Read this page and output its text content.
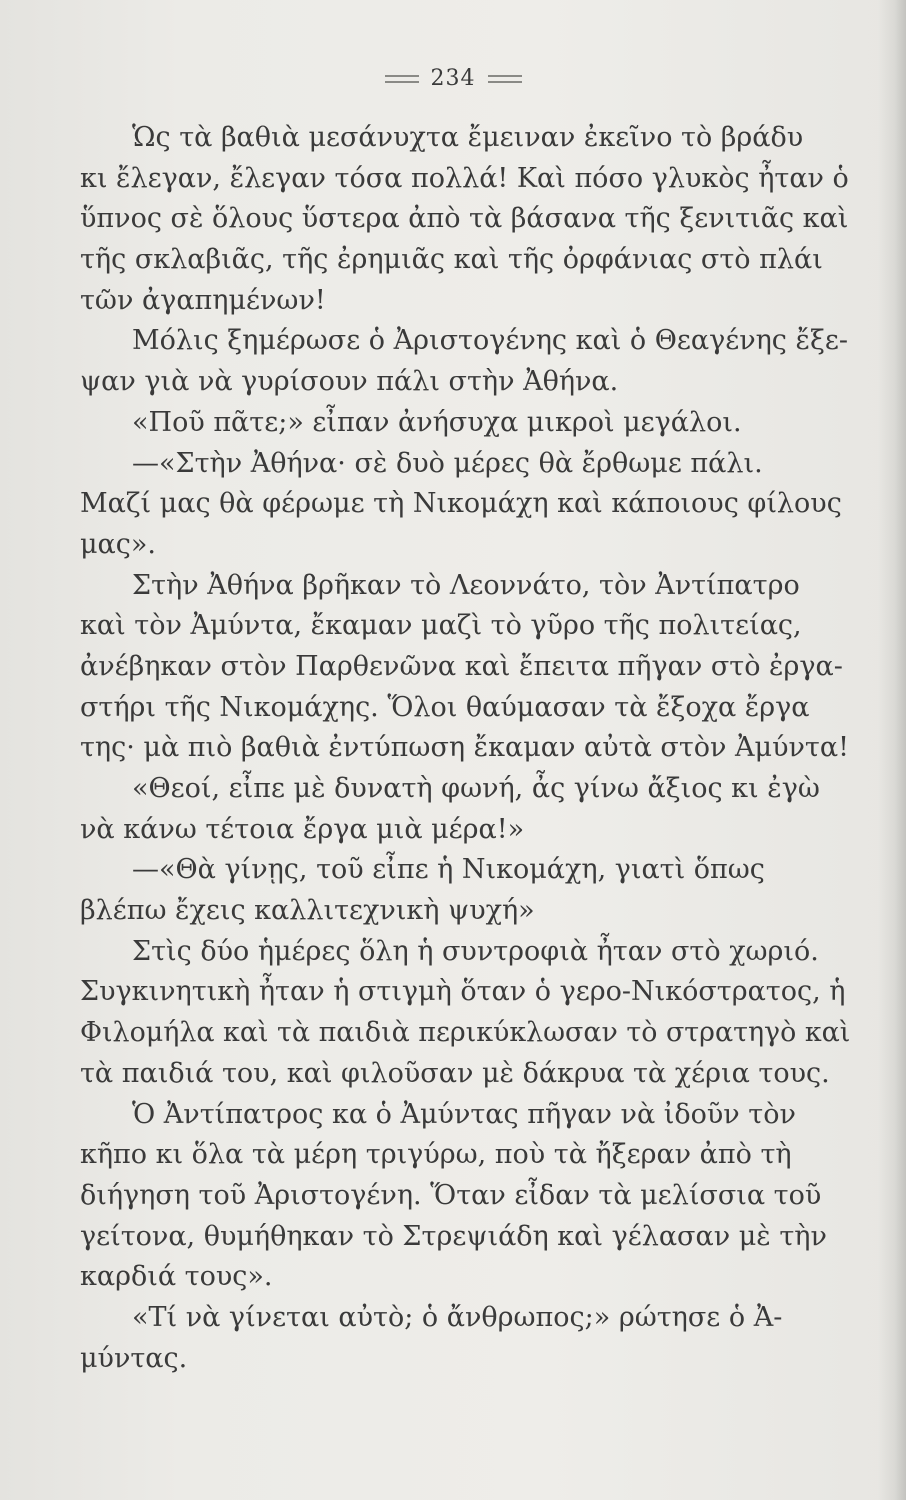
234
Ὡς τὰ βαθιὰ μεσάνυχτα ἔμειναν ἐκεῖνο τὸ βράδυ
κι ἔλεγαν, ἔλεγαν τόσα πολλά! Καὶ πόσο γλυκὸς ἦταν ὁ
ὕπνος σὲ ὅλους ὕστερα ἀπὸ τὰ βάσανα τῆς ξενιτιᾶς καὶ
τῆς σκλαβιᾶς, τῆς ἐρημιᾶς καὶ τῆς ὀρφάνιας στὸ πλάι
τῶν ἀγαπημένων!
Μόλις ξημέρωσε ὁ Ἀριστογένης καὶ ὁ Θεαγένης ἔξε-
ψαν γιὰ νὰ γυρίσουν πάλι στὴν Ἀθήνα.
«Ποῦ πᾶτε;» εἶπαν ἀνήσυχα μικροὶ μεγάλοι.
—«Στὴν Ἀθήνα· σὲ δυὸ μέρες θὰ ἔρθωμε πάλι.
Μαζί μας θὰ φέρωμε τὴ Νικομάχη καὶ κάποιους φίλους
μας».
Στὴν Ἀθήνα βρῆκαν τὸ Λεοννάτο, τὸν Ἀντίπατρο
καὶ τὸν Ἀμύντα, ἔκαμαν μαζὶ τὸ γῦρο τῆς πολιτείας,
ἀνέβηκαν στὸν Παρθενῶνα καὶ ἔπειτα πῆγαν στὸ ἐργα-
στήρι τῆς Νικομάχης. Ὅλοι θαύμασαν τὰ ἔξοχα ἔργα
της· μὰ πιὸ βαθιὰ ἐντύπωση ἔκαμαν αὐτὰ στὸν Ἀμύντα!
«Θεοί, εἶπε μὲ δυνατὴ φωνή, ἆς γίνω ἄξιος κι ἐγὼ
νὰ κάνω τέτοια ἔργα μιὰ μέρα!»
—«Θὰ γίνῃς, τοῦ εἶπε ἡ Νικομάχη, γιατὶ ὅπως
βλέπω ἔχεις καλλιτεχνικὴ ψυχή»
Στὶς δύο ἡμέρες ὅλη ἡ συντροφιὰ ἦταν στὸ χωριό.
Συγκινητικὴ ἦταν ἡ στιγμὴ ὅταν ὁ γερο-Νικόστρατος, ἡ
Φιλομήλα καὶ τὰ παιδιὰ περικύκλωσαν τὸ στρατηγὸ καὶ
τὰ παιδιά του, καὶ φιλοῦσαν μὲ δάκρυα τὰ χέρια τους.
Ὁ Ἀντίπατρος κα ὁ Ἀμύντας πῆγαν νὰ ἰδοῦν τὸν
κῆπο κι ὅλα τὰ μέρη τριγύρω, ποὺ τὰ ἤξεραν ἀπὸ τὴ
διήγηση τοῦ Ἀριστογένη. Ὅταν εἶδαν τὰ μελίσσια τοῦ
γείτονα, θυμήθηκαν τὸ Στρεψιάδη καὶ γέλασαν μὲ τὴν
καρδιά τους».
«Τί νὰ γίνεται αὐτὸ; ὁ ἄνθρωπος;» ρώτησε ὁ Ἀ-
μύντας.
